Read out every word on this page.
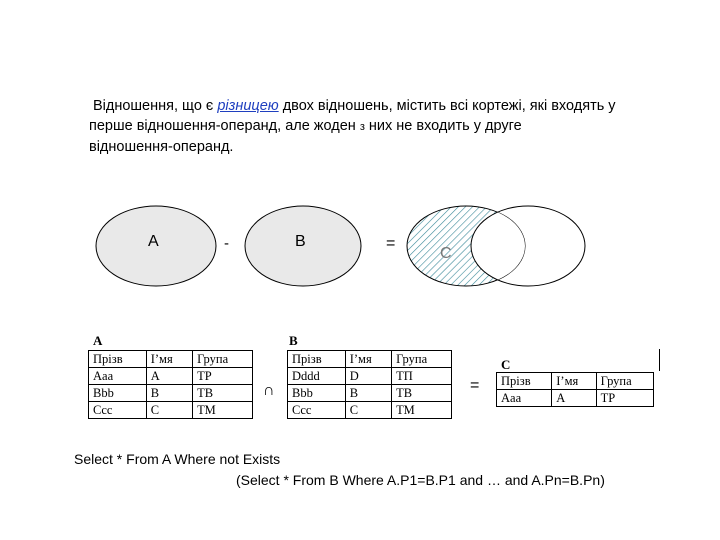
Відношення, що є різницею двох відношень, містить всі кортежі, які входять у
перше відношення-операнд, але жоден з них не входить у друге
відношення-операнд.
A	-	B	=
C
A
Прізв	І’мя	Група
Aaa	A	ТР
Bbb	B	ТВ
Ccc	C	ТМ
∩
B
Прізв	І’мя	Група
Dddd	D	ТП
Bbb	B	ТВ
Ccc	C	ТМ
=
C
Прізв	І’мя	Група
Aaa	A	ТР
Select * From A Where not Exists
(Select * From B Where A.P1=B.P1 and … and A.Pn=B.Pn)
